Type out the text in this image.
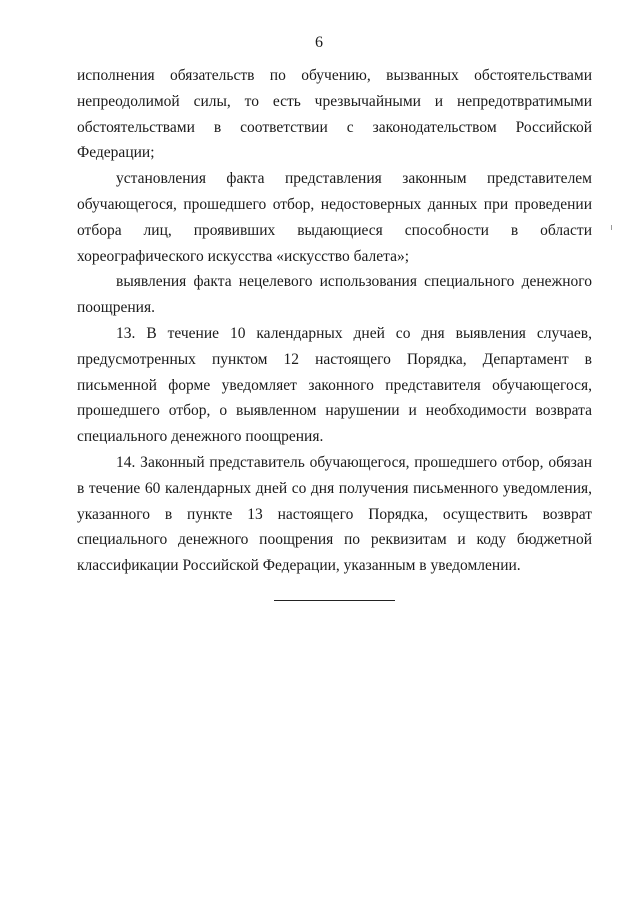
6

исполнения обязательств по обучению, вызванных обстоятельствами непреодолимой силы, то есть чрезвычайными и непредотвратимыми обстоятельствами в соответствии с законодательством Российской Федерации;

установления факта представления законным представителем обучающегося, прошедшего отбор, недостоверных данных при проведении отбора лиц, проявивших выдающиеся способности в области хореографического искусства «искусство балета»;

выявления факта нецелевого использования специального денежного поощрения.

13. В течение 10 календарных дней со дня выявления случаев, предусмотренных пунктом 12 настоящего Порядка, Департамент в письменной форме уведомляет законного представителя обучающегося, прошедшего отбор, о выявленном нарушении и необходимости возврата специального денежного поощрения.

14. Законный представитель обучающегося, прошедшего отбор, обязан в течение 60 календарных дней со дня получения письменного уведомления, указанного в пункте 13 настоящего Порядка, осуществить возврат специального денежного поощрения по реквизитам и коду бюджетной классификации Российской Федерации, указанным в уведомлении.
